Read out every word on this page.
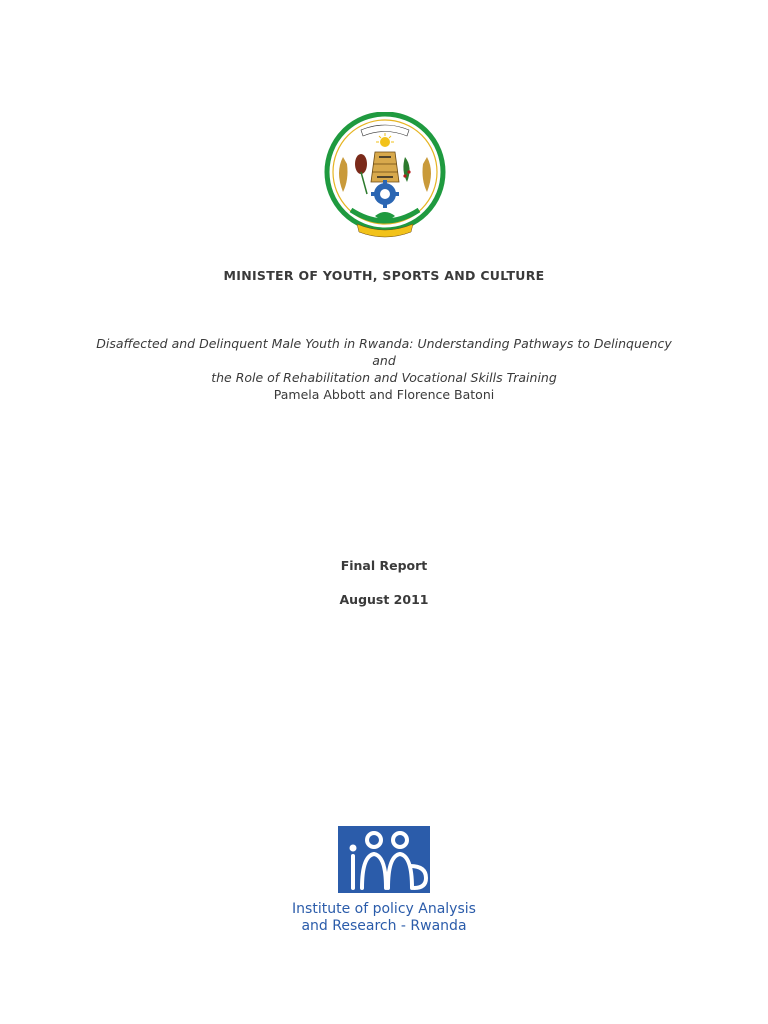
MINISTER OF YOUTH, SPORTS AND CULTURE
Disaffected and Delinquent Male Youth in Rwanda: Understanding Pathways to Delinquency and
the Role of Rehabilitation and Vocational Skills Training
Pamela Abbott and Florence Batoni
Final Report
August 2011
Institute of policy Analysis
and Research - Rwanda
